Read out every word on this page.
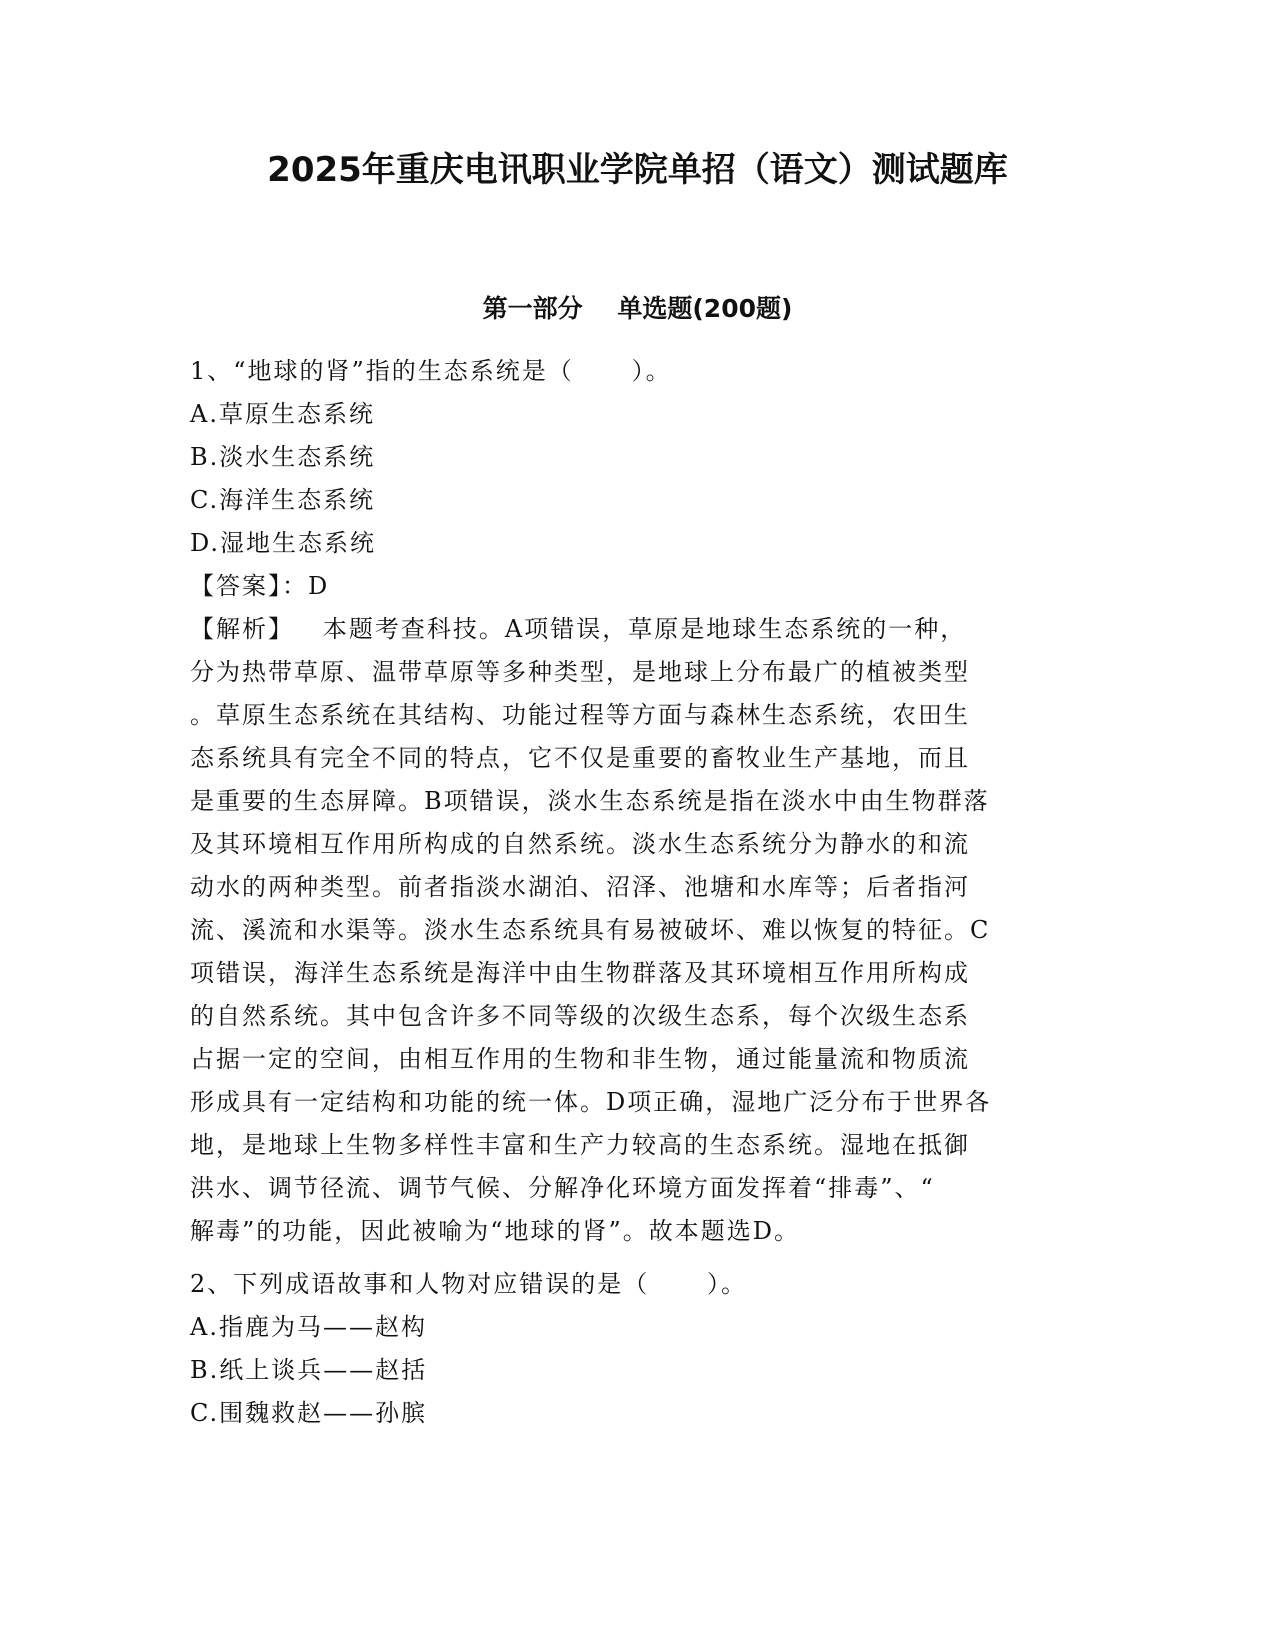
2025年重庆电讯职业学院单招（语文）测试题库
第一部分    单选题(200题)
1、“地球的肾”指的生态系统是（      ）。
A.草原生态系统
B.淡水生态系统
C.海洋生态系统
D.湿地生态系统
【答案】：D
【解析】   本题考查科技。A项错误，草原是地球生态系统的一种，
分为热带草原、温带草原等多种类型，是地球上分布最广的植被类型
。草原生态系统在其结构、功能过程等方面与森林生态系统，农田生
态系统具有完全不同的特点，它不仅是重要的畜牧业生产基地，而且
是重要的生态屏障。B项错误，淡水生态系统是指在淡水中由生物群落
及其环境相互作用所构成的自然系统。淡水生态系统分为静水的和流
动水的两种类型。前者指淡水湖泊、沼泽、池塘和水库等；后者指河
流、溪流和水渠等。淡水生态系统具有易被破坏、难以恢复的特征。C
项错误，海洋生态系统是海洋中由生物群落及其环境相互作用所构成
的自然系统。其中包含许多不同等级的次级生态系，每个次级生态系
占据一定的空间，由相互作用的生物和非生物，通过能量流和物质流
形成具有一定结构和功能的统一体。D项正确，湿地广泛分布于世界各
地，是地球上生物多样性丰富和生产力较高的生态系统。湿地在抵御
洪水、调节径流、调节气候、分解净化环境方面发挥着“排毒”、“
解毒”的功能，因此被喻为“地球的肾”。故本题选D。
2、下列成语故事和人物对应错误的是（      ）。
A.指鹿为马——赵构
B.纸上谈兵——赵括
C.围魏救赵——孙膑
